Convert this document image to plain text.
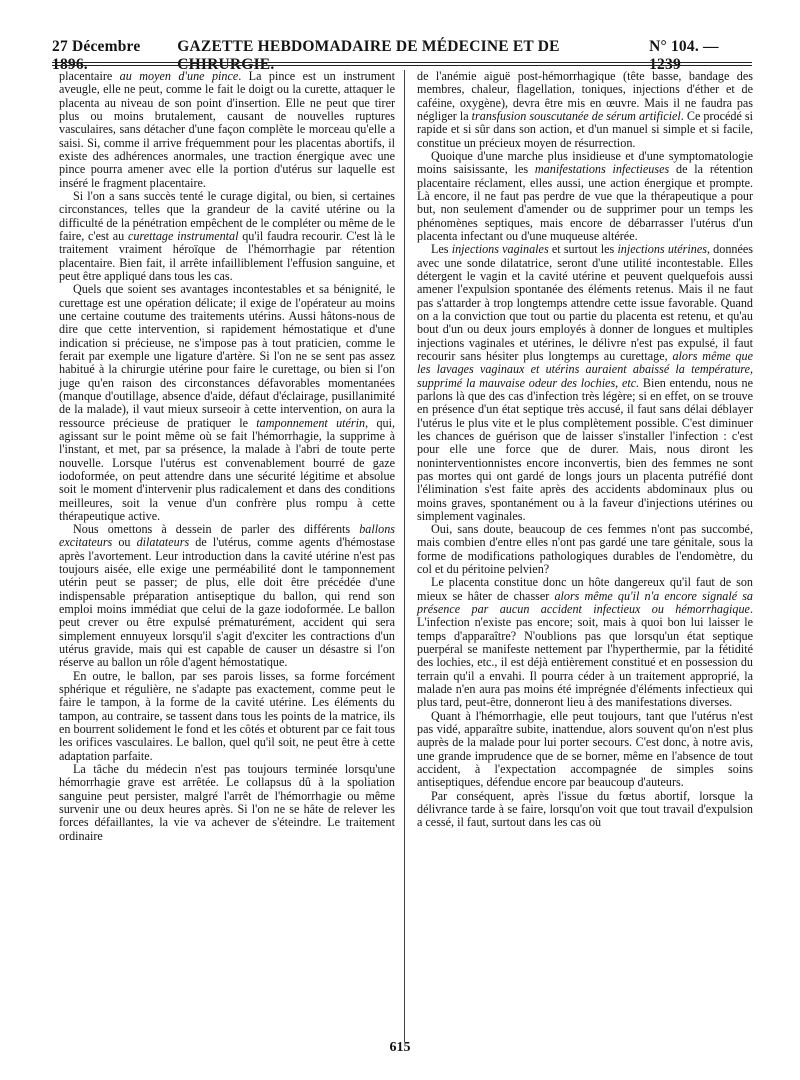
27 Décembre 1896.
GAZETTE HEBDOMADAIRE DE MÉDECINE ET DE CHIRURGIE.
N° 104. — 1239

placentaire au moyen d'une pince. La pince est un instrument aveugle, elle ne peut, comme le fait le doigt ou la curette, attaquer le placenta au niveau de son point d'insertion. Elle ne peut que tirer plus ou moins brutalement, causant de nouvelles ruptures vasculaires, sans détacher d'une façon complète le morceau qu'elle a saisi. Si, comme il arrive fréquemment pour les placentas abortifs, il existe des adhérences anormales, une traction énergique avec une pince pourra amener avec elle la portion d'utérus sur laquelle est inséré le fragment placentaire.

Si l'on a sans succès tenté le curage digital, ou bien, si certaines circonstances, telles que la grandeur de la cavité utérine ou la difficulté de la pénétration empêchent de le compléter ou même de le faire, c'est au curettage instrumental qu'il faudra recourir. C'est là le traitement vraiment héroïque de l'hémorrhagie par rétention placentaire. Bien fait, il arrête infailliblement l'effusion sanguine, et peut être appliqué dans tous les cas.

Quels que soient ses avantages incontestables et sa bénignité, le curettage est une opération délicate; il exige de l'opérateur au moins une certaine coutume des traitements utérins. Aussi hâtons-nous de dire que cette intervention, si rapidement hémostatique et d'une indication si précieuse, ne s'impose pas à tout praticien, comme le ferait par exemple une ligature d'artère. Si l'on ne se sent pas assez habitué à la chirurgie utérine pour faire le curettage, ou bien si l'on juge qu'en raison des circonstances défavorables momentanées (manque d'outillage, absence d'aide, défaut d'éclairage, pusillanimité de la malade), il vaut mieux surseoir à cette intervention, on aura la ressource précieuse de pratiquer le tamponnement utérin, qui, agissant sur le point même où se fait l'hémorrhagie, la supprime à l'instant, et met, par sa présence, la malade à l'abri de toute perte nouvelle. Lorsque l'utérus est convenablement bourré de gaze iodoformée, on peut attendre dans une sécurité légitime et absolue soit le moment d'intervenir plus radicalement et dans des conditions meilleures, soit la venue d'un confrère plus rompu à cette thérapeutique active.

Nous omettons à dessein de parler des différents ballons excitateurs ou dilatateurs de l'utérus, comme agents d'hémostase après l'avortement. Leur introduction dans la cavité utérine n'est pas toujours aisée, elle exige une perméabilité dont le tamponnement utérin peut se passer; de plus, elle doit être précédée d'une indispensable préparation antiseptique du ballon, qui rend son emploi moins immédiat que celui de la gaze iodoformée. Le ballon peut crever ou être expulsé prématurément, accident qui sera simplement ennuyeux lorsqu'il s'agit d'exciter les contractions d'un utérus gravide, mais qui est capable de causer un désastre si l'on réserve au ballon un rôle d'agent hémostatique.

En outre, le ballon, par ses parois lisses, sa forme forcément sphérique et régulière, ne s'adapte pas exactement, comme peut le faire le tampon, à la forme de la cavité utérine. Les éléments du tampon, au contraire, se tassent dans tous les points de la matrice, ils en bourrent solidement le fond et les côtés et obturent par ce fait tous les orifices vasculaires. Le ballon, quel qu'il soit, ne peut être à cette adaptation parfaite.

La tâche du médecin n'est pas toujours terminée lorsqu'une hémorrhagie grave est arrêtée. Le collapsus dû à la spoliation sanguine peut persister, malgré l'arrêt de l'hémorrhagie ou même survenir une ou deux heures après. Si l'on ne se hâte de relever les forces défaillantes, la vie va achever de s'éteindre. Le traitement ordinaire

de l'anémie aiguë post-hémorrhagique (tête basse, bandage des membres, chaleur, flagellation, toniques, injections d'éther et de caféine, oxygène), devra être mis en œuvre. Mais il ne faudra pas négliger la transfusion souscutanée de sérum artificiel. Ce procédé si rapide et si sûr dans son action, et d'un manuel si simple et si facile, constitue un précieux moyen de résurrection.

Quoique d'une marche plus insidieuse et d'une symptomatologie moins saisissante, les manifestations infectieuses de la rétention placentaire réclament, elles aussi, une action énergique et prompte. Là encore, il ne faut pas perdre de vue que la thérapeutique a pour but, non seulement d'amender ou de supprimer pour un temps les phénomènes septiques, mais encore de débarrasser l'utérus d'un placenta infectant ou d'une muqueuse altérée.

Les injections vaginales et surtout les injections utérines, données avec une sonde dilatatrice, seront d'une utilité incontestable. Elles détergent le vagin et la cavité utérine et peuvent quelquefois aussi amener l'expulsion spontanée des éléments retenus. Mais il ne faut pas s'attarder à trop longtemps attendre cette issue favorable. Quand on a la conviction que tout ou partie du placenta est retenu, et qu'au bout d'un ou deux jours employés à donner de longues et multiples injections vaginales et utérines, le délivre n'est pas expulsé, il faut recourir sans hésiter plus longtemps au curettage, alors même que les lavages vaginaux et utérins auraient abaissé la température, supprimé la mauvaise odeur des lochies, etc. Bien entendu, nous ne parlons là que des cas d'infection très légère; si en effet, on se trouve en présence d'un état septique très accusé, il faut sans délai déblayer l'utérus le plus vite et le plus complètement possible. C'est diminuer les chances de guérison que de laisser s'installer l'infection : c'est pour elle une force que de durer. Mais, nous diront les noninterventionnistes encore inconvertis, bien des femmes ne sont pas mortes qui ont gardé de longs jours un placenta putréfié dont l'élimination s'est faite après des accidents abdominaux plus ou moins graves, spontanément ou à la faveur d'injections utérines ou simplement vaginales.

Oui, sans doute, beaucoup de ces femmes n'ont pas succombé, mais combien d'entre elles n'ont pas gardé une tare génitale, sous la forme de modifications pathologiques durables de l'endomètre, du col et du péritoine pelvien?

Le placenta constitue donc un hôte dangereux qu'il faut de son mieux se hâter de chasser alors même qu'il n'a encore signalé sa présence par aucun accident infectieux ou hémorrhagique. L'infection n'existe pas encore; soit, mais à quoi bon lui laisser le temps d'apparaître? N'oublions pas que lorsqu'un état septique puerpéral se manifeste nettement par l'hyperthermie, par la fétidité des lochies, etc., il est déjà entièrement constitué et en possession du terrain qu'il a envahi. Il pourra céder à un traitement approprié, la malade n'en aura pas moins été imprégnée d'éléments infectieux qui plus tard, peut-être, donneront lieu à des manifestations diverses.

Quant à l'hémorrhagie, elle peut toujours, tant que l'utérus n'est pas vidé, apparaître subite, inattendue, alors souvent qu'on n'est plus auprès de la malade pour lui porter secours. C'est donc, à notre avis, une grande imprudence que de se borner, même en l'absence de tout accident, à l'expectation accompagnée de simples soins antiseptiques, défendue encore par beaucoup d'auteurs.

Par conséquent, après l'issue du fœtus abortif, lorsque la délivrance tarde à se faire, lorsqu'on voit que tout travail d'expulsion a cessé, il faut, surtout dans les cas où

615
